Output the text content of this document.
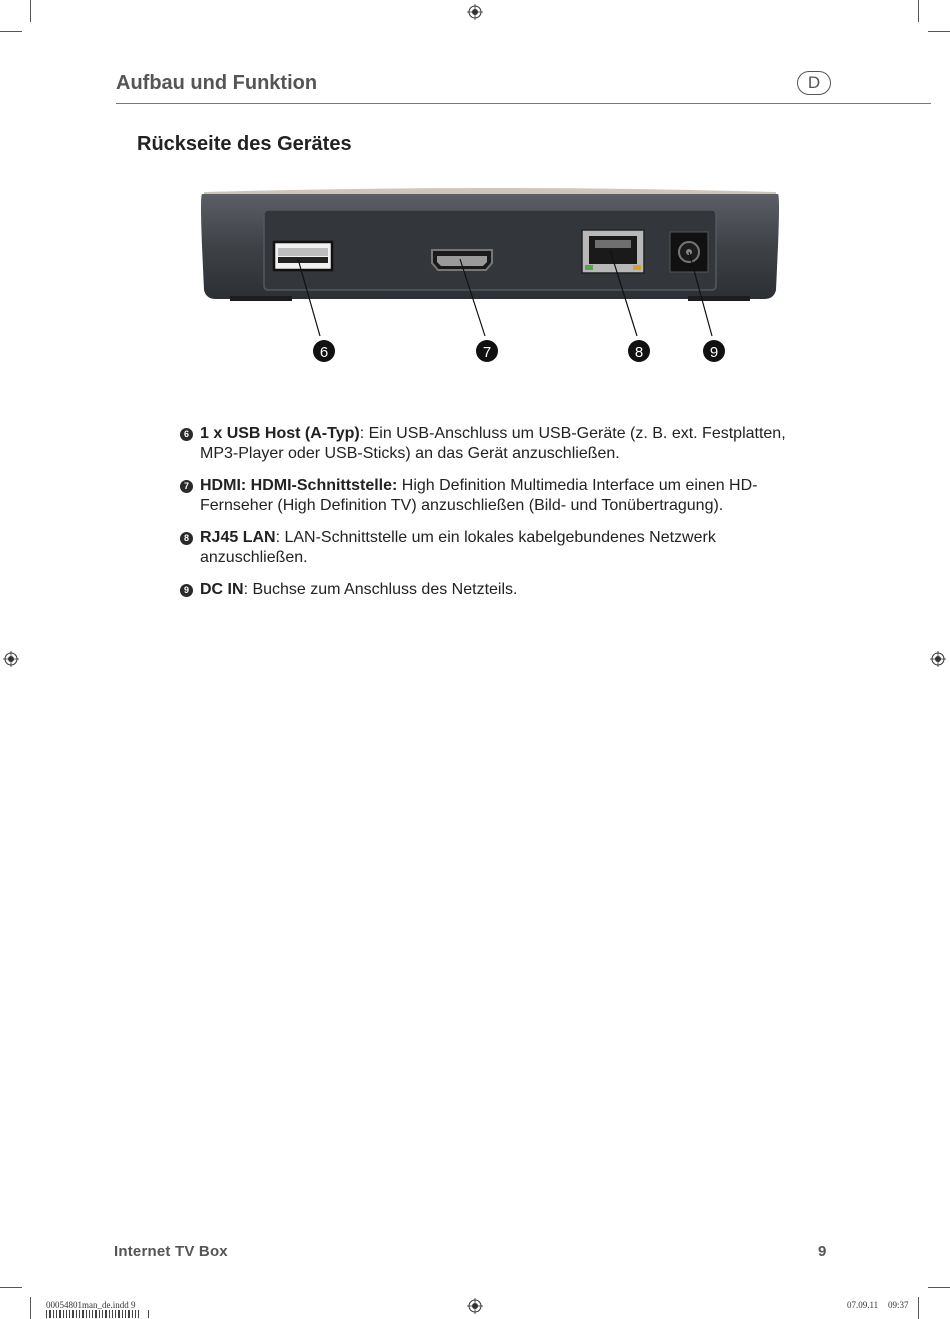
Aufbau und Funktion	D
Rückseite des Gerätes
6	7	8	9
6 1 x USB Host (A-Typ): Ein USB-Anschluss um USB-Geräte (z. B. ext. Festplatten, MP3-Player oder USB-Sticks) an das Gerät anzuschließen.
7 HDMI: HDMI-Schnittstelle: High Definition Multimedia Interface um einen HD-Fernseher (High Definition TV) anzuschließen (Bild- und Tonübertragung).
8 RJ45 LAN: LAN-Schnittstelle um ein lokales kabelgebundenes Netzwerk anzuschließen.
9 DC IN: Buchse zum Anschluss des Netzteils.
Internet TV Box	9
00054801man_de.indd 9	07.09.11 09:37
